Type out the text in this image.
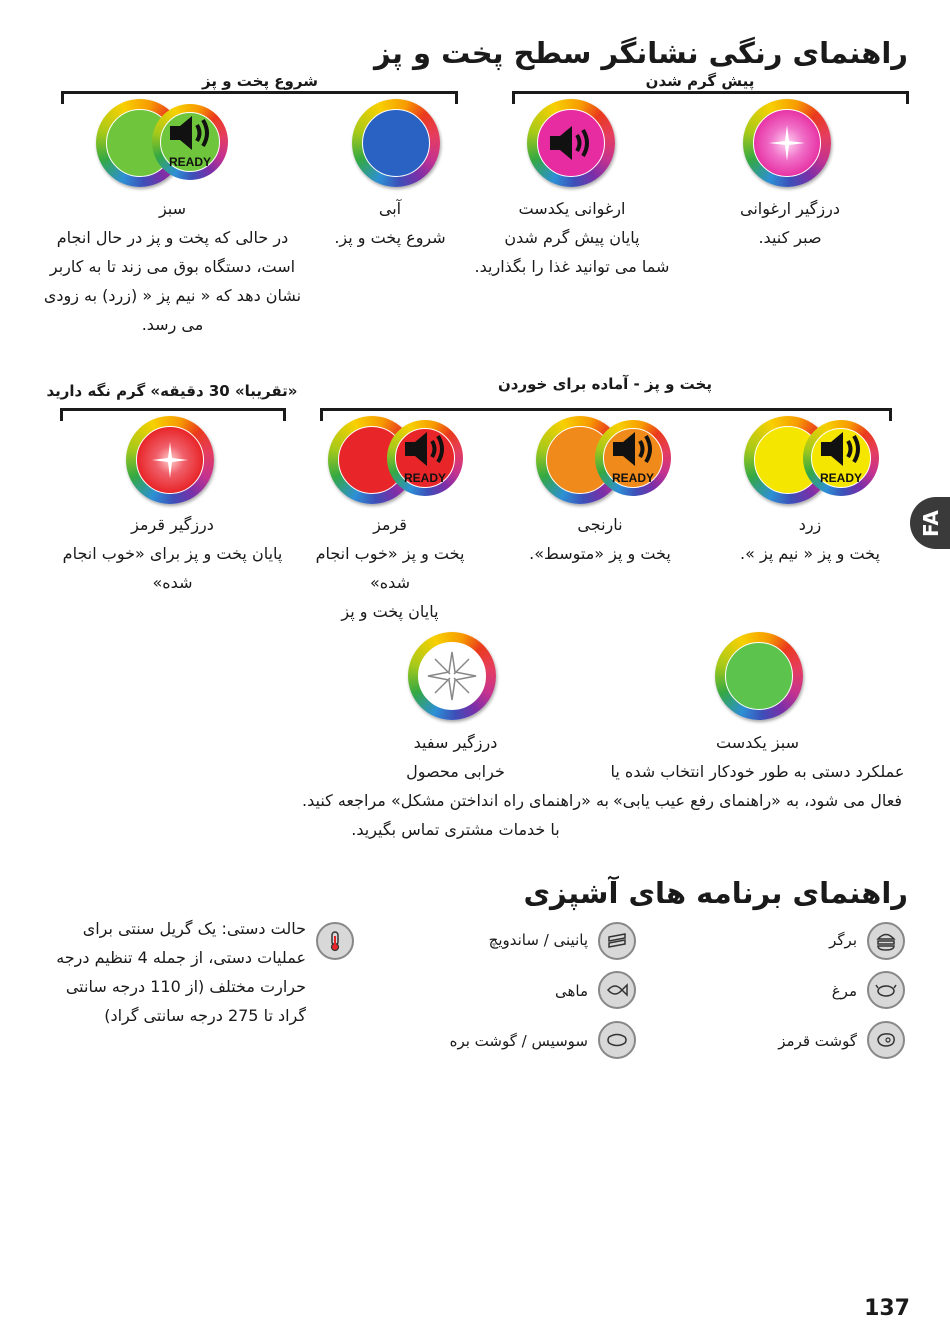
راهنمای رنگی نشانگر سطح پخت و پز
پیش گرم شدن
شروع پخت و پز
پخت و پز - آماده برای خوردن
«تقریبا» 30 دقیقه» گرم نگه دارید
READY
درزگیر ارغوانی
صبر کنید.
ارغوانی یکدست
پایان پیش گرم شدن
شما می توانید غذا را بگذارید.
آبی
شروع پخت و پز.
سبز
در حالی که پخت و پز در حال انجام
است، دستگاه بوق می زند تا به کاربر
نشان دهد که « نیم پز « (زرد) به زودی
می رسد.
READY
READY
READY
زرد
پخت و پز « نیم پز ».
نارنجی
پخت و پز «متوسط».
قرمز
پخت و پز «خوب انجام
شده»
پایان پخت و پز
درزگیر قرمز
پایان پخت و پز برای «خوب انجام
شده»
سبز یکدست
عملکرد دستی به طور خودکار انتخاب شده یا
فعال می شود، به «راهنمای رفع عیب یابی»
درزگیر سفید
خرابی محصول
به «راهنمای راه انداختن مشکل» مراجعه کنید.
با خدمات مشتری تماس بگیرید.
راهنمای برنامه های آشپزی
برگر
پانینی / ساندویچ
مرغ
ماهی
گوشت قرمز
سوسیس / گوشت بره
حالت دستی: یک گریل سنتی برای
عملیات دستی، از جمله 4 تنظیم درجه
حرارت مختلف (از 110 درجه سانتی
گراد تا 275 درجه سانتی گراد)
FA
137
